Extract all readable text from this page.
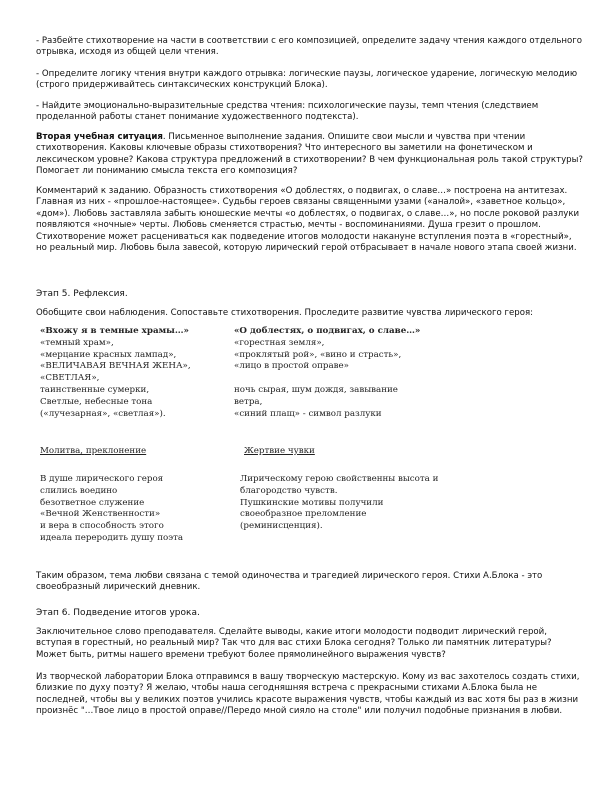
- Разбейте стихотворение на части в соответствии с его композицией, определите задачу чтения каждого отдельного отрывка, исходя из общей цели чтения.

- Определите логику чтения внутри каждого отрывка: логические паузы, логическое ударение, логическую мелодию (строго придерживайтесь синтаксических конструкций Блока).

- Найдите эмоционально-выразительные средства чтения: психологические паузы, темп чтения (следствием проделанной работы станет понимание художественного подтекста).

Вторая учебная ситуация. Письменное выполнение задания. Опишите свои мысли и чувства при чтении стихотворения. Каковы ключевые образы стихотворения? Что интересного вы заметили на фонетическом и лексическом уровне? Какова структура предложений в стихотворении? В чем функциональная роль такой структуры? Помогает ли пониманию смысла текста его композиция?

Комментарий к заданию. Образность стихотворения «О доблестях, о подвигах, о славе…» построена на антитезах. Главная из них - «прошлое-настоящее». Судьбы героев связаны священными узами («аналой», «заветное кольцо», «дом»). Любовь заставляла забыть юношеские мечты «о доблестях, о подвигах, о славе…», но после роковой разлуки появляются «ночные» черты. Любовь сменяется страстью, мечты - воспоминаниями. Душа грезит о прошлом. Стихотворение может расцениваться как подведение итогов молодости накануне вступления поэта в «горестный», но реальный мир. Любовь была завесой, которую лирический герой отбрасывает в начале нового этапа своей жизни.

Этап 5. Рефлексия.

Обобщите свои наблюдения. Сопоставьте стихотворения. Проследите развитие чувства лирического героя:

«Вхожу я в темные храмы…»
«темный храм»,
«мерцание красных лампад»,
«ВЕЛИЧАВАЯ ВЕЧНАЯ ЖЕНА»,
«СВЕТЛАЯ»,
таинственные сумерки,
Светлые, небесные тона
(«лучезарная», «светлая»).
«О доблестях, о подвигах, о славе…»
«горестная земля»,
«проклятый рой», «вино и страсть»,
«лицо в простой оправе»
ночь сырая, шум дождя, завывание
ветра,
«синий плащ» - символ разлуки
Молитва, преклонение	Жертвие чувки
В душе лирического героя
слились воедино
безответное служение
«Вечной Женственности»
и вера в способность этого
идеала переродить душу поэта
Лирическому герою свойственны высота и
благородство чувств.
Пушкинские мотивы получили
своеобразное преломление
(реминисценция).

Таким образом, тема любви связана с темой одиночества и трагедией лирического героя. Стихи А.Блока - это своеобразный лирический дневник.

Этап 6. Подведение итогов урока.

Заключительное слово преподавателя. Сделайте выводы, какие итоги молодости подводит лирический герой, вступая в горестный, но реальный мир? Так что для вас стихи Блока сегодня? Только ли памятник литературы? Может быть, ритмы нашего времени требуют более прямолинейного выражения чувств?

Из творческой лаборатории Блока отправимся в вашу творческую мастерскую. Кому из вас захотелось создать стихи, близкие по духу поэту? Я желаю, чтобы наша сегодняшняя встреча с прекрасными стихами А.Блока была не последней, чтобы вы у великих поэтов учились красоте выражения чувств, чтобы каждый из вас хотя бы раз в жизни произнёс "…Твое лицо в простой оправе//Передо мной сияло на столе" или получил подобные признания в любви.
